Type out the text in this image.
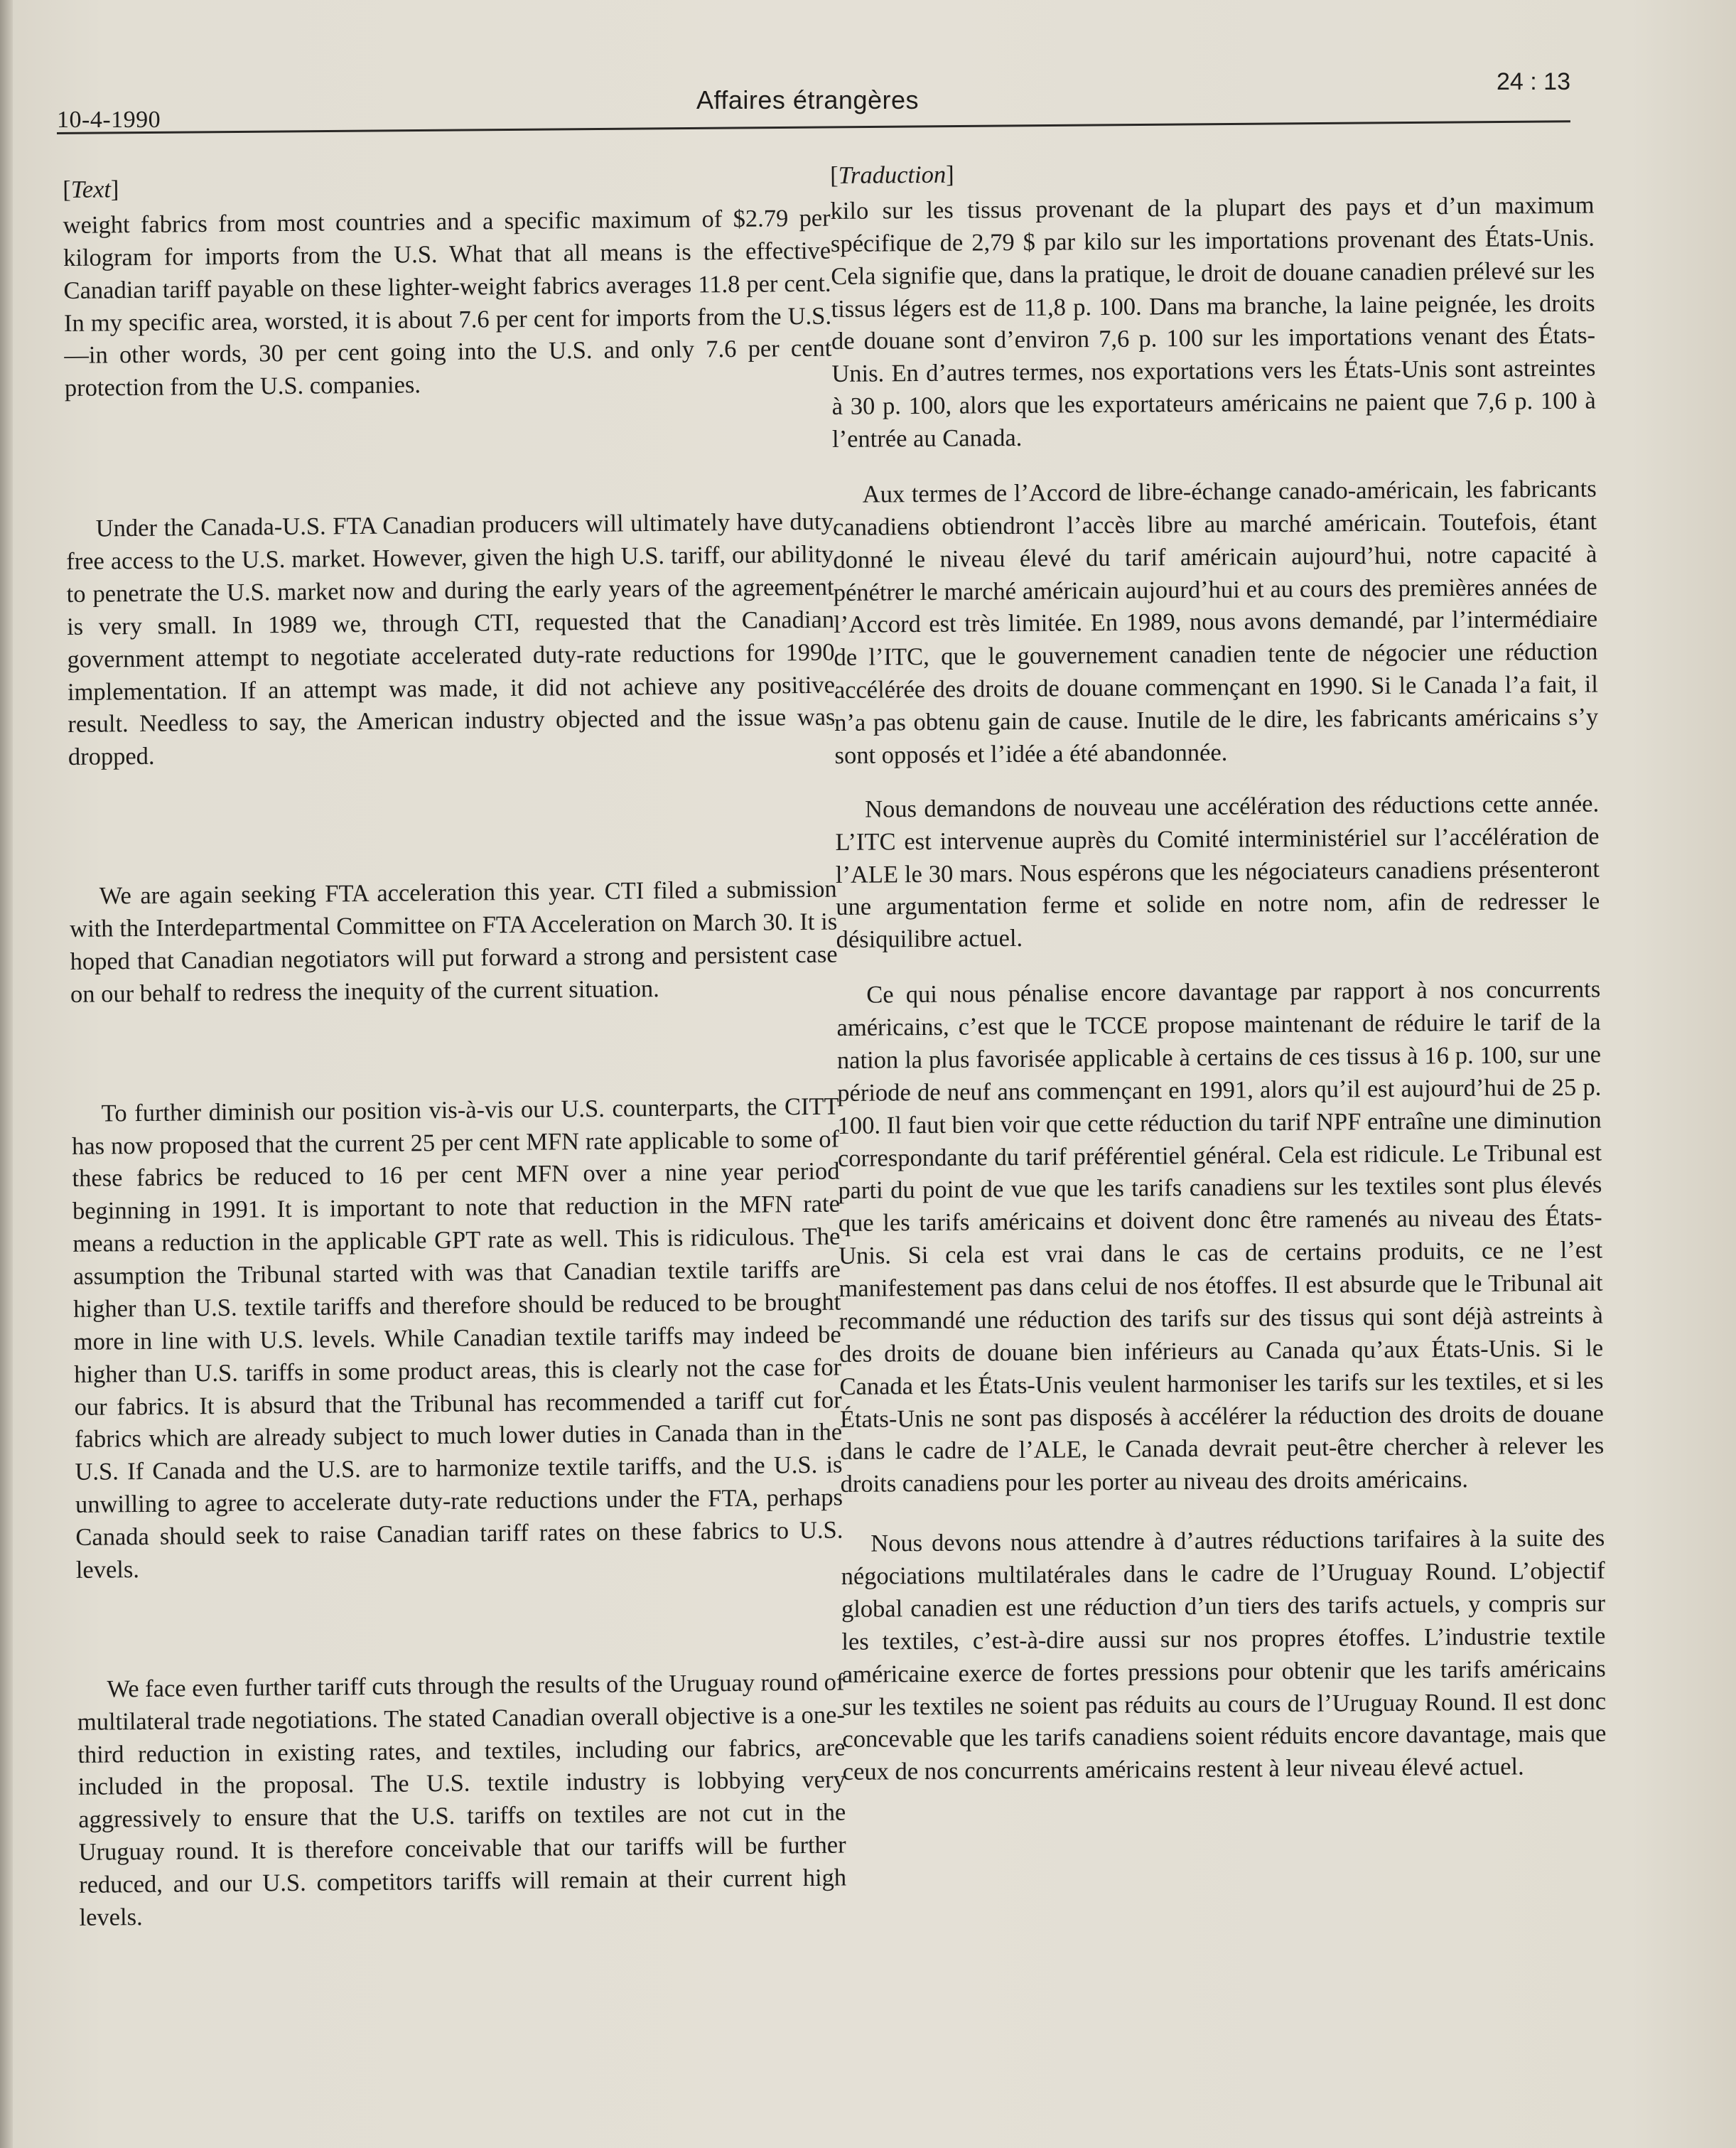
10-4-1990
Affaires étrangères
24 : 13

[Text]

weight fabrics from most countries and a specific maximum of $2.79 per kilogram for imports from the U.S. What that all means is the effective Canadian tariff payable on these lighter-weight fabrics averages 11.8 per cent. In my specific area, worsted, it is about 7.6 per cent for imports from the U.S.—in other words, 30 per cent going into the U.S. and only 7.6 per cent protection from the U.S. companies.

Under the Canada-U.S. FTA Canadian producers will ultimately have duty free access to the U.S. market. However, given the high U.S. tariff, our ability to penetrate the U.S. market now and during the early years of the agreement is very small. In 1989 we, through CTI, requested that the Canadian government attempt to negotiate accelerated duty-rate reductions for 1990 implementation. If an attempt was made, it did not achieve any positive result. Needless to say, the American industry objected and the issue was dropped.

We are again seeking FTA acceleration this year. CTI filed a submission with the Interdepartmental Committee on FTA Acceleration on March 30. It is hoped that Canadian negotiators will put forward a strong and persistent case on our behalf to redress the inequity of the current situation.

To further diminish our position vis-à-vis our U.S. counterparts, the CITT has now proposed that the current 25 per cent MFN rate applicable to some of these fabrics be reduced to 16 per cent MFN over a nine year period beginning in 1991. It is important to note that reduction in the MFN rate means a reduction in the applicable GPT rate as well. This is ridiculous. The assumption the Tribunal started with was that Canadian textile tariffs are higher than U.S. textile tariffs and therefore should be reduced to be brought more in line with U.S. levels. While Canadian textile tariffs may indeed be higher than U.S. tariffs in some product areas, this is clearly not the case for our fabrics. It is absurd that the Tribunal has recommended a tariff cut for fabrics which are already subject to much lower duties in Canada than in the U.S. If Canada and the U.S. are to harmonize textile tariffs, and the U.S. is unwilling to agree to accelerate duty-rate reductions under the FTA, perhaps Canada should seek to raise Canadian tariff rates on these fabrics to U.S. levels.

We face even further tariff cuts through the results of the Uruguay round of multilateral trade negotiations. The stated Canadian overall objective is a one-third reduction in existing rates, and textiles, including our fabrics, are included in the proposal. The U.S. textile industry is lobbying very aggressively to ensure that the U.S. tariffs on textiles are not cut in the Uruguay round. It is therefore conceivable that our tariffs will be further reduced, and our U.S. competitors tariffs will remain at their current high levels.

[Traduction]

kilo sur les tissus provenant de la plupart des pays et d’un maximum spécifique de 2,79 $ par kilo sur les importations provenant des États-Unis. Cela signifie que, dans la pratique, le droit de douane canadien prélevé sur les tissus légers est de 11,8 p. 100. Dans ma branche, la laine peignée, les droits de douane sont d’environ 7,6 p. 100 sur les importations venant des États-Unis. En d’autres termes, nos exportations vers les États-Unis sont astreintes à 30 p. 100, alors que les exportateurs américains ne paient que 7,6 p. 100 à l’entrée au Canada.

Aux termes de l’Accord de libre-échange canado-américain, les fabricants canadiens obtiendront l’accès libre au marché américain. Toutefois, étant donné le niveau élevé du tarif américain aujourd’hui, notre capacité à pénétrer le marché américain aujourd’hui et au cours des premières années de l’Accord est très limitée. En 1989, nous avons demandé, par l’intermédiaire de l’ITC, que le gouvernement canadien tente de négocier une réduction accélérée des droits de douane commençant en 1990. Si le Canada l’a fait, il n’a pas obtenu gain de cause. Inutile de le dire, les fabricants américains s’y sont opposés et l’idée a été abandonnée.

Nous demandons de nouveau une accélération des réductions cette année. L’ITC est intervenue auprès du Comité interministériel sur l’accélération de l’ALE le 30 mars. Nous espérons que les négociateurs canadiens présenteront une argumentation ferme et solide en notre nom, afin de redresser le désiquilibre actuel.

Ce qui nous pénalise encore davantage par rapport à nos concurrents américains, c’est que le TCCE propose maintenant de réduire le tarif de la nation la plus favorisée applicable à certains de ces tissus à 16 p. 100, sur une période de neuf ans commençant en 1991, alors qu’il est aujourd’hui de 25 p. 100. Il faut bien voir que cette réduction du tarif NPF entraîne une diminution correspondante du tarif préférentiel général. Cela est ridicule. Le Tribunal est parti du point de vue que les tarifs canadiens sur les textiles sont plus élevés que les tarifs américains et doivent donc être ramenés au niveau des États-Unis. Si cela est vrai dans le cas de certains produits, ce ne l’est manifestement pas dans celui de nos étoffes. Il est absurde que le Tribunal ait recommandé une réduction des tarifs sur des tissus qui sont déjà astreints à des droits de douane bien inférieurs au Canada qu’aux États-Unis. Si le Canada et les États-Unis veulent harmoniser les tarifs sur les textiles, et si les États-Unis ne sont pas disposés à accélérer la réduction des droits de douane dans le cadre de l’ALE, le Canada devrait peut-être chercher à relever les droits canadiens pour les porter au niveau des droits américains.

Nous devons nous attendre à d’autres réductions tarifaires à la suite des négociations multilatérales dans le cadre de l’Uruguay Round. L’objectif global canadien est une réduction d’un tiers des tarifs actuels, y compris sur les textiles, c’est-à-dire aussi sur nos propres étoffes. L’industrie textile américaine exerce de fortes pressions pour obtenir que les tarifs américains sur les textiles ne soient pas réduits au cours de l’Uruguay Round. Il est donc concevable que les tarifs canadiens soient réduits encore davantage, mais que ceux de nos concurrents américains restent à leur niveau élevé actuel.
